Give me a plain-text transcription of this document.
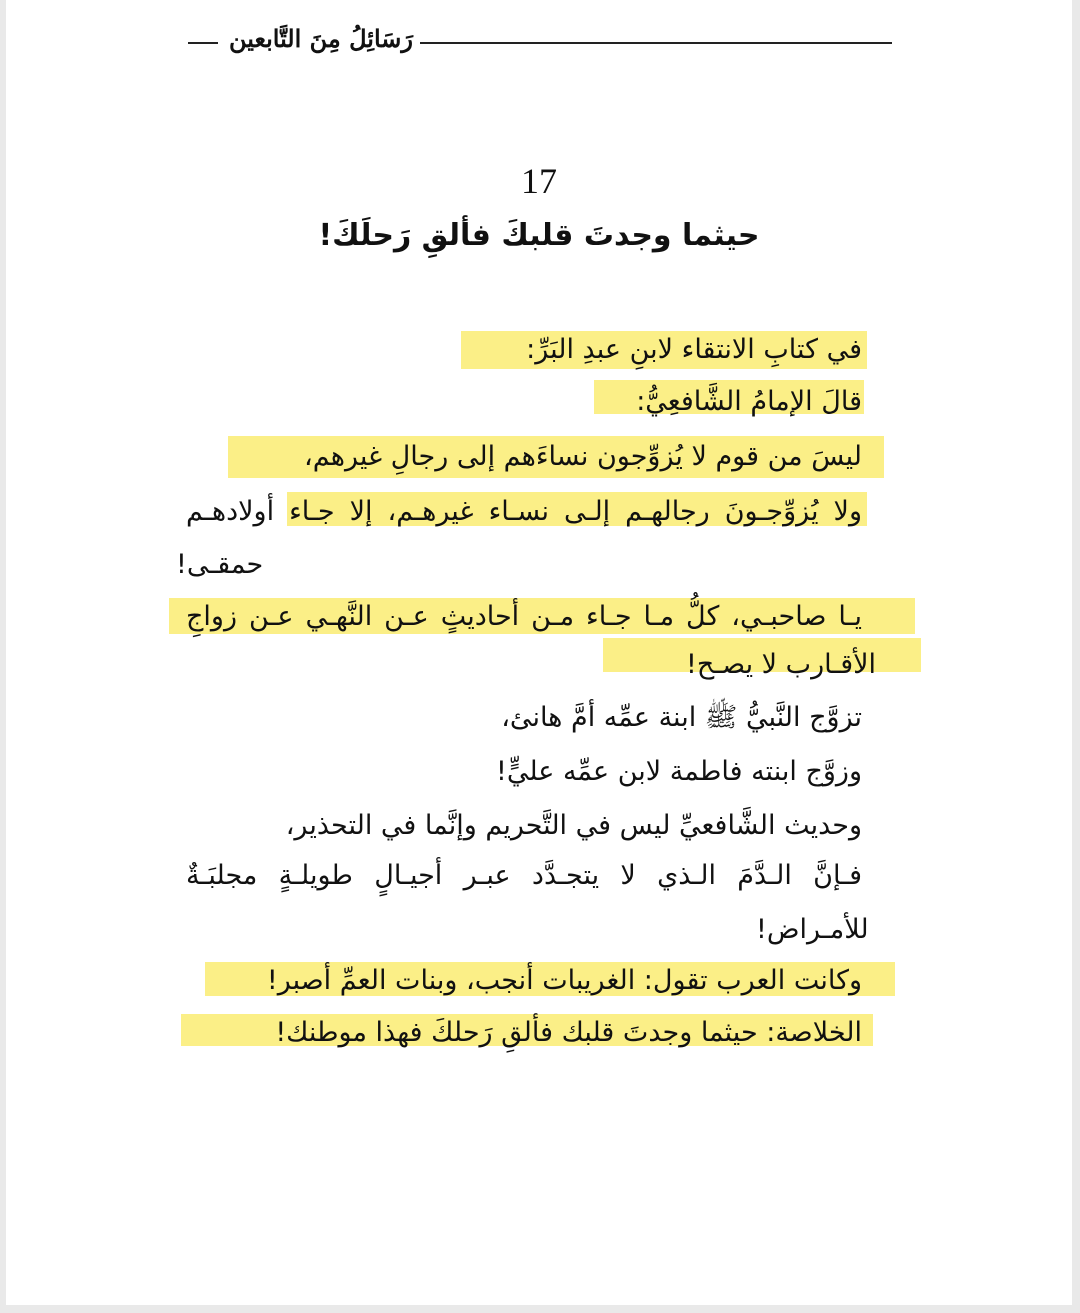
رَسَائِلُ مِنَ التَّابعين
17
حيثما وجدتَ قلبكَ فألقِ رَحلَكَ!
في كتابِ الانتقاء لابنِ عبدِ البَرِّ:
قالَ الإمامُ الشَّافعِيُّ:
ليسَ من قوم لا يُزوِّجون نساءَهم إلى رجالِ غيرهم،
ولا يُزوِّجـونَ رجالهـم إلـى نسـاء غيرهـم، إلا جـاء أولادهـم
حمقـى!
يـا صاحبـي، كلُّ مـا جـاء مـن أحاديثٍ عـن النَّهـي عـن زواجِ
الأقـارب لا يصـح!
تزوَّج النَّبيُّ ﷺ ابنة عمِّه أمَّ هانئ،
وزوَّج ابنته فاطمة لابن عمِّه عليٍّ!
وحديث الشَّافعيِّ ليس في التَّحريم وإنَّما في التحذير،
فـإنَّ الـدَّمَ الـذي لا يتجـدَّد عبـر أجيـالٍ طويلـةٍ مجلبَـةٌ
للأمـراض!
وكانت العرب تقول: الغريبات أنجب، وبنات العمِّ أصبر!
الخلاصة: حيثما وجدتَ قلبك فألقِ رَحلكَ فهذا موطنك!
